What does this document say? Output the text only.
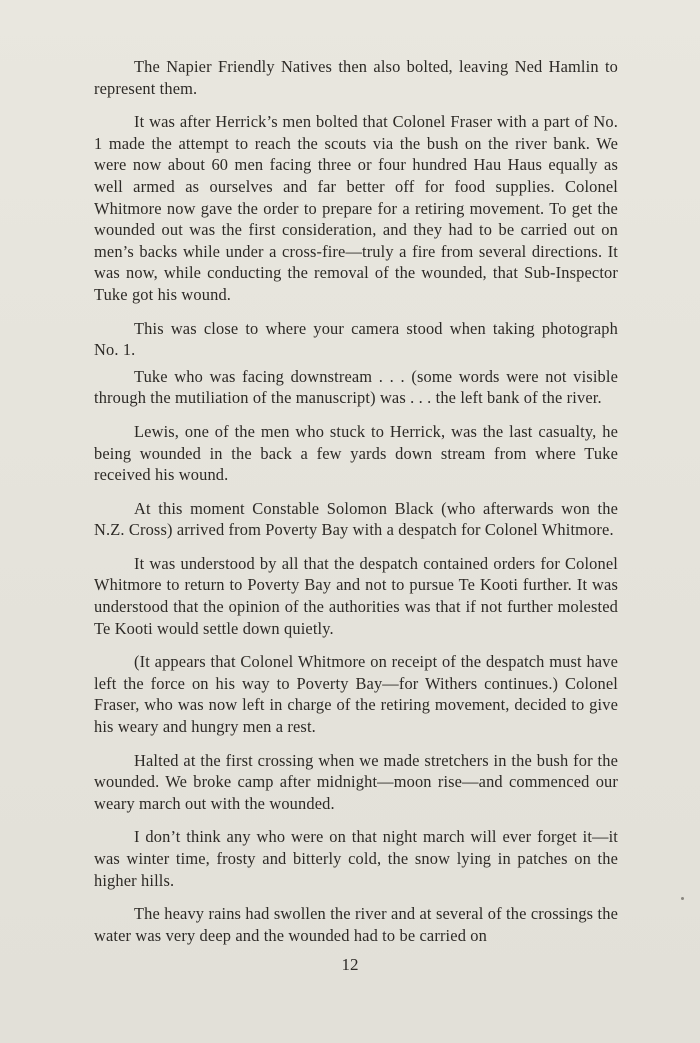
The Napier Friendly Natives then also bolted, leaving Ned Hamlin to represent them.

It was after Herrick’s men bolted that Colonel Fraser with a part of No. 1 made the attempt to reach the scouts via the bush on the river bank. We were now about 60 men facing three or four hundred Hau Haus equally as well armed as ourselves and far better off for food supplies. Colonel Whitmore now gave the order to prepare for a retiring movement. To get the wounded out was the first consideration, and they had to be carried out on men’s backs while under a cross-fire—truly a fire from several directions. It was now, while conducting the removal of the wounded, that Sub-Inspector Tuke got his wound.

This was close to where your camera stood when taking photograph No. 1.

Tuke who was facing downstream . . . (some words were not visible through the mutiliation of the manuscript) was . . . the left bank of the river.

Lewis, one of the men who stuck to Herrick, was the last casualty, he being wounded in the back a few yards down stream from where Tuke received his wound.

At this moment Constable Solomon Black (who afterwards won the N.Z. Cross) arrived from Poverty Bay with a despatch for Colonel Whitmore.

It was understood by all that the despatch contained orders for Colonel Whitmore to return to Poverty Bay and not to pursue Te Kooti further. It was understood that the opinion of the authorities was that if not further molested Te Kooti would settle down quietly.

(It appears that Colonel Whitmore on receipt of the despatch must have left the force on his way to Poverty Bay—for Withers continues.) Colonel Fraser, who was now left in charge of the retiring movement, decided to give his weary and hungry men a rest.

Halted at the first crossing when we made stretchers in the bush for the wounded. We broke camp after midnight—moon rise—and commenced our weary march out with the wounded.

I don’t think any who were on that night march will ever forget it—it was winter time, frosty and bitterly cold, the snow lying in patches on the higher hills.

The heavy rains had swollen the river and at several of the crossings the water was very deep and the wounded had to be carried on

12
